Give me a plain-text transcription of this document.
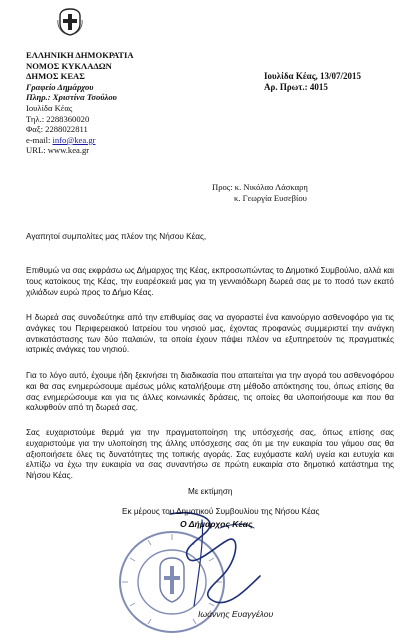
ΕΛΛΗΝΙΚΗ ΔΗΜΟΚΡΑΤΙΑ
ΝΟΜΟΣ ΚΥΚΛΑΔΩΝ
ΔΗΜΟΣ ΚΕΑΣ
Γραφείο Δημάρχου
Πληρ.: Χριστίνα Τσούλου
Ιουλίδα Κέας
Τηλ.: 2288360020
Φαξ: 2288022811
e-mail: info@kea.gr
URL: www.kea.gr
Ιουλίδα Κέας, 13/07/2015
Αρ. Πρωτ.: 4015
Προς: κ. Νικόλαο Λάσκαρη
κ. Γεωργία Ευσεβίου
Αγαπητοί συμπολίτες μας πλέον της Νήσου Κέας,
Επιθυμώ να σας εκφράσω ως Δήμαρχος της Κέας, εκπροσωπώντας το Δημοτικό Συμβούλιο, αλλά και τους κατοίκους της Κέας, την ευαρέσκειά μας για τη γενναιόδωρη δωρεά σας με το ποσό των εκατό χιλιάδων ευρώ προς το Δήμο Κέας.
Η δωρεά σας συνοδεύτηκε από την επιθυμίας σας να αγοραστεί ένα καινούργιο ασθενοφόρο για τις ανάγκες του Περιφερειακού Ιατρείου του νησιού μας, έχοντας προφανώς συμμεριστεί την ανάγκη αντικατάστασης των δύο παλαιών, τα οποία έχουν πάψει πλέον να εξυπηρετούν τις πραγματικές ιατρικές ανάγκες του νησιού.
Για το λόγο αυτό, έχουμε ήδη ξεκινήσει τη διαδικασία που απαιτείται για την αγορά του ασθενοφόρου και θα σας ενημερώσουμε αμέσως μόλις καταλήξουμε στη μέθοδο απόκτησης του, όπως επίσης θα σας ενημερώσουμε και για τις άλλες κοινωνικές δράσεις, τις οποίες θα υλοποιήσουμε και που θα καλυφθούν από τη δωρεά σας.
Σας ευχαριστούμε θερμά για την πραγματοποίηση της υπόσχεσής σας, όπως επίσης σας ευχαριστούμε για την υλοποίηση της άλλης υπόσχεσης σας ότι με την ευκαιρία του γάμου σας θα αξιοποιήσετε όλες τις δυνατότητες της τοπικής αγοράς. Σας ευχόμαστε καλή υγεία και ευτυχία και ελπίζω να έχω την ευκαιρία να σας συναντήσω σε πρώτη ευκαιρία στο δημοτικό κατάστημα της Νήσου Κέας.
Με εκτίμηση
Εκ μέρους του Δημοτικού Συμβουλίου της Νήσου Κέας
Ο Δήμαρχος Κέας
Ιωάννης Ευαγγέλου
